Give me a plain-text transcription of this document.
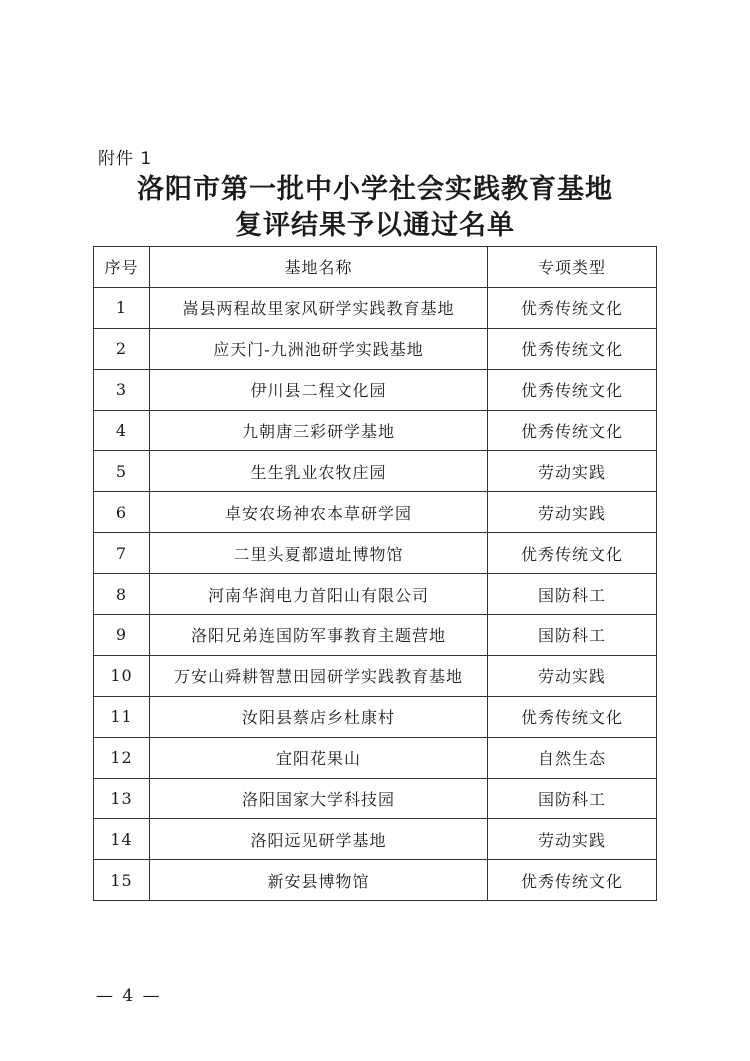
附件 1
洛阳市第一批中小学社会实践教育基地
复评结果予以通过名单
序号	基地名称	专项类型
1	嵩县两程故里家风研学实践教育基地	优秀传统文化
2	应天门-九洲池研学实践基地	优秀传统文化
3	伊川县二程文化园	优秀传统文化
4	九朝唐三彩研学基地	优秀传统文化
5	生生乳业农牧庄园	劳动实践
6	卓安农场神农本草研学园	劳动实践
7	二里头夏都遗址博物馆	优秀传统文化
8	河南华润电力首阳山有限公司	国防科工
9	洛阳兄弟连国防军事教育主题营地	国防科工
10	万安山舜耕智慧田园研学实践教育基地	劳动实践
11	汝阳县蔡店乡杜康村	优秀传统文化
12	宜阳花果山	自然生态
13	洛阳国家大学科技园	国防科工
14	洛阳远见研学基地	劳动实践
15	新安县博物馆	优秀传统文化
— 4 —
